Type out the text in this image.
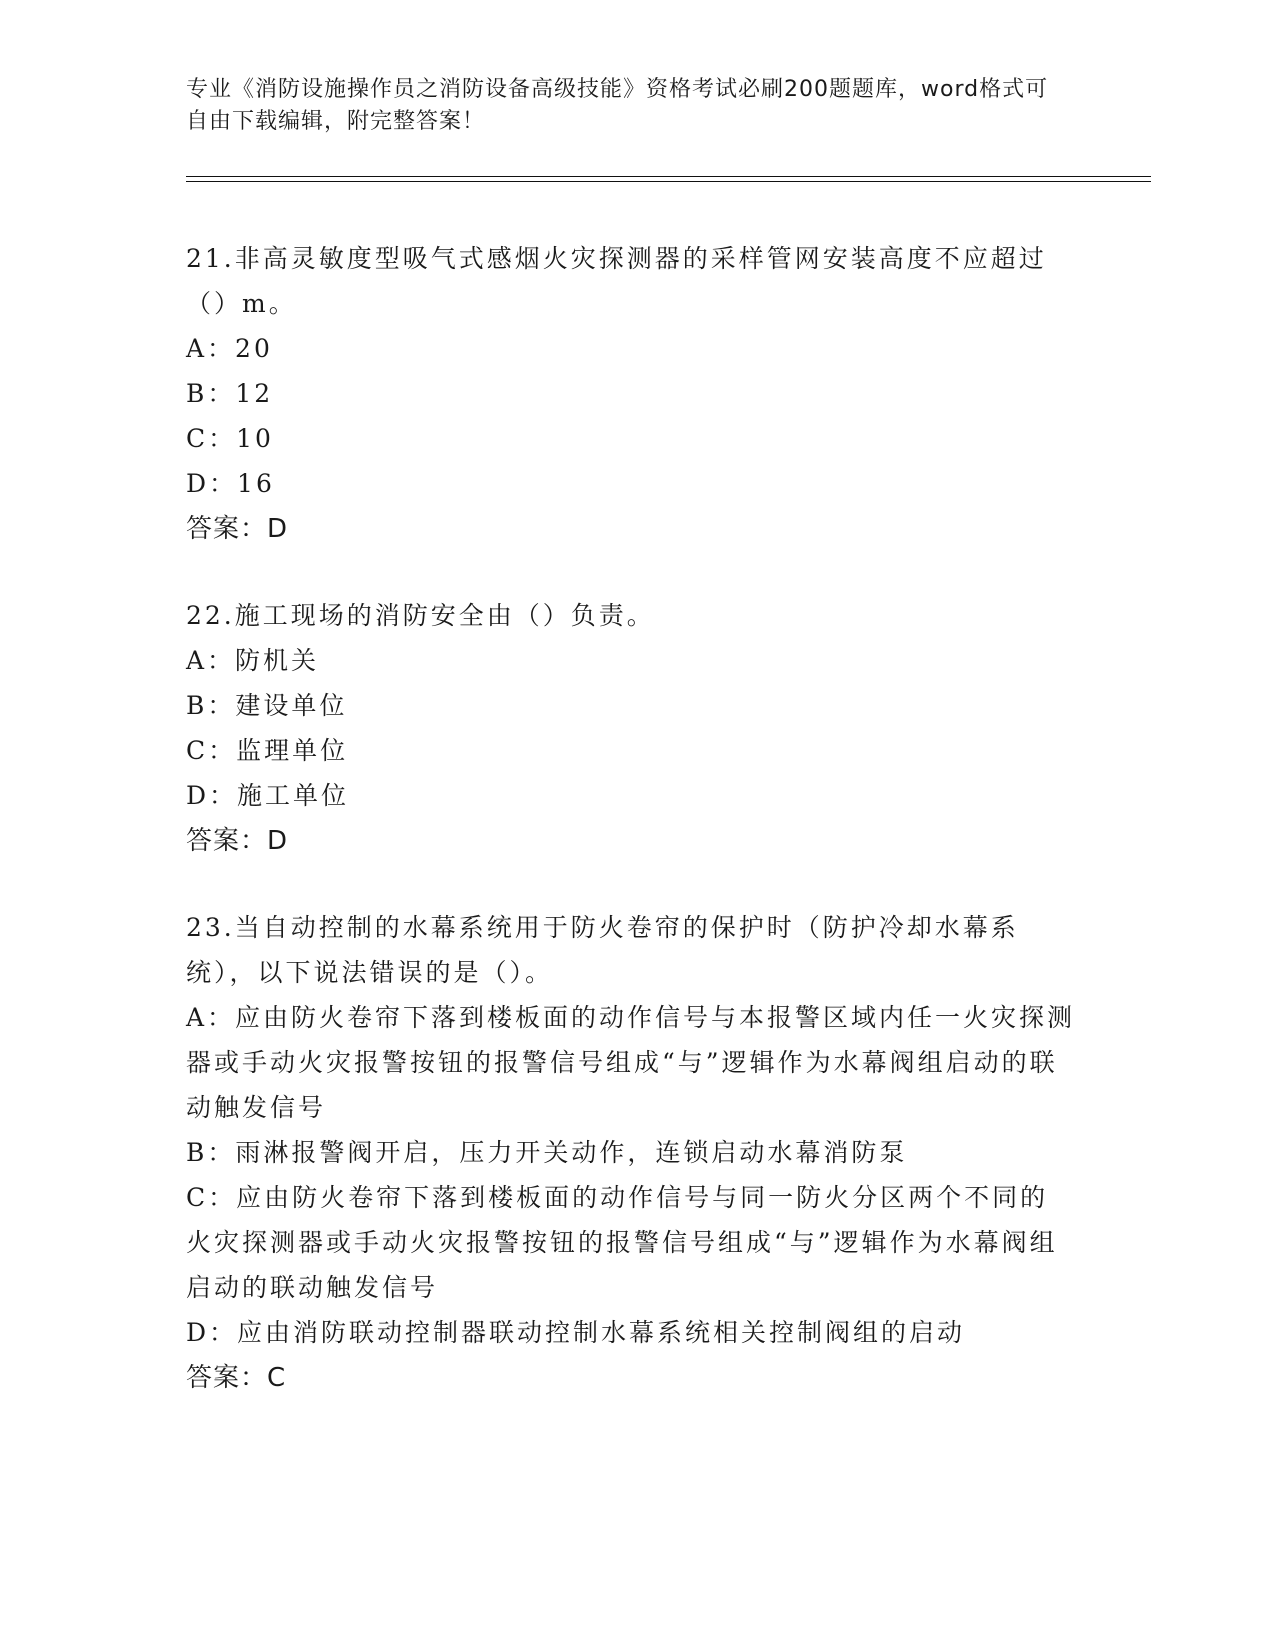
专业《消防设施操作员之消防设备高级技能》资格考试必刷200题题库，word格式可自由下载编辑，附完整答案！

21.非高灵敏度型吸气式感烟火灾探测器的采样管网安装高度不应超过（）m。

A：20

B：12

C：10

D：16

答案：D

22.施工现场的消防安全由（）负责。

A：防机关

B：建设单位

C：监理单位

D：施工单位

答案：D

23.当自动控制的水幕系统用于防火卷帘的保护时（防护冷却水幕系统），以下说法错误的是（）。

A：应由防火卷帘下落到楼板面的动作信号与本报警区域内任一火灾探测器或手动火灾报警按钮的报警信号组成“与”逻辑作为水幕阀组启动的联动触发信号

B：雨淋报警阀开启，压力开关动作，连锁启动水幕消防泵

C：应由防火卷帘下落到楼板面的动作信号与同一防火分区两个不同的火灾探测器或手动火灾报警按钮的报警信号组成“与”逻辑作为水幕阀组启动的联动触发信号

D：应由消防联动控制器联动控制水幕系统相关控制阀组的启动

答案：C
